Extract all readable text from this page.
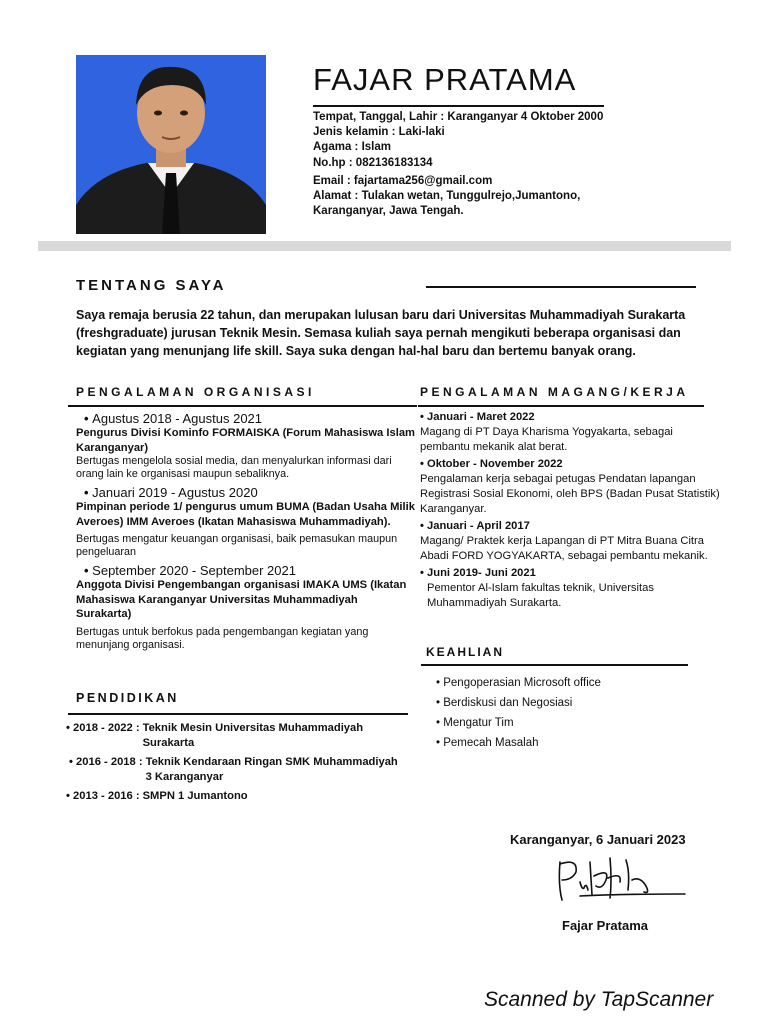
FAJAR PRATAMA
Tempat, Tanggal, Lahir : Karanganyar 4 Oktober 2000
Jenis kelamin : Laki-laki
Agama : Islam
No.hp : 082136183134
Email : fajartama256@gmail.com
Alamat : Tulakan wetan, Tunggulrejo,Jumantono,
Karanganyar, Jawa Tengah.
TENTANG SAYA
Saya remaja berusia 22 tahun, dan merupakan lulusan baru dari Universitas Muhammadiyah Surakarta (freshgraduate) jurusan Teknik Mesin. Semasa kuliah saya pernah mengikuti beberapa organisasi dan kegiatan yang menunjang life skill. Saya suka dengan hal-hal baru dan bertemu banyak orang.
PENGALAMAN ORGANISASI	PENGALAMAN MAGANG/KERJA
• Agustus 2018 - Agustus 2021
Pengurus Divisi Kominfo FORMAISKA (Forum Mahasiswa Islam Karanganyar)
Bertugas mengelola sosial media, dan menyalurkan informasi dari orang lain ke organisasi maupun sebaliknya.
• Januari 2019 - Agustus 2020
Pimpinan periode 1/ pengurus umum BUMA (Badan Usaha Milik Averoes) IMM Averoes (Ikatan Mahasiswa Muhammadiyah).
Bertugas mengatur keuangan organisasi, baik pemasukan maupun pengeluaran
• September 2020 - September 2021
Anggota Divisi Pengembangan organisasi IMAKA UMS (Ikatan Mahasiswa Karanganyar Universitas Muhammadiyah Surakarta)
Bertugas untuk berfokus pada pengembangan kegiatan yang menunjang organisasi.
• Januari - Maret 2022
Magang di PT Daya Kharisma Yogyakarta, sebagai pembantu mekanik alat berat.
• Oktober - November 2022
Pengalaman kerja sebagai petugas Pendatan lapangan Registrasi Sosial Ekonomi, oleh BPS (Badan Pusat Statistik) Karanganyar.
• Januari - April 2017
Magang/ Praktek kerja Lapangan di PT Mitra Buana Citra Abadi FORD YOGYAKARTA, sebagai pembantu mekanik.
• Juni 2019- Juni 2021
Pementor Al-Islam fakultas teknik, Universitas Muhammadiyah Surakarta.
KEAHLIAN
• Pengoperasian Microsoft office
• Berdiskusi dan Negosiasi
• Mengatur Tim
• Pemecah Masalah
PENDIDIKAN
• 2018 - 2022 : Teknik Mesin Universitas Muhammadiyah
Surakarta
• 2016 - 2018 : Teknik Kendaraan Ringan SMK Muhammadiyah
3 Karanganyar
• 2013 - 2016 : SMPN 1 Jumantono
Karanganyar, 6 Januari 2023
Fajar Pratama
Scanned by TapScanner
